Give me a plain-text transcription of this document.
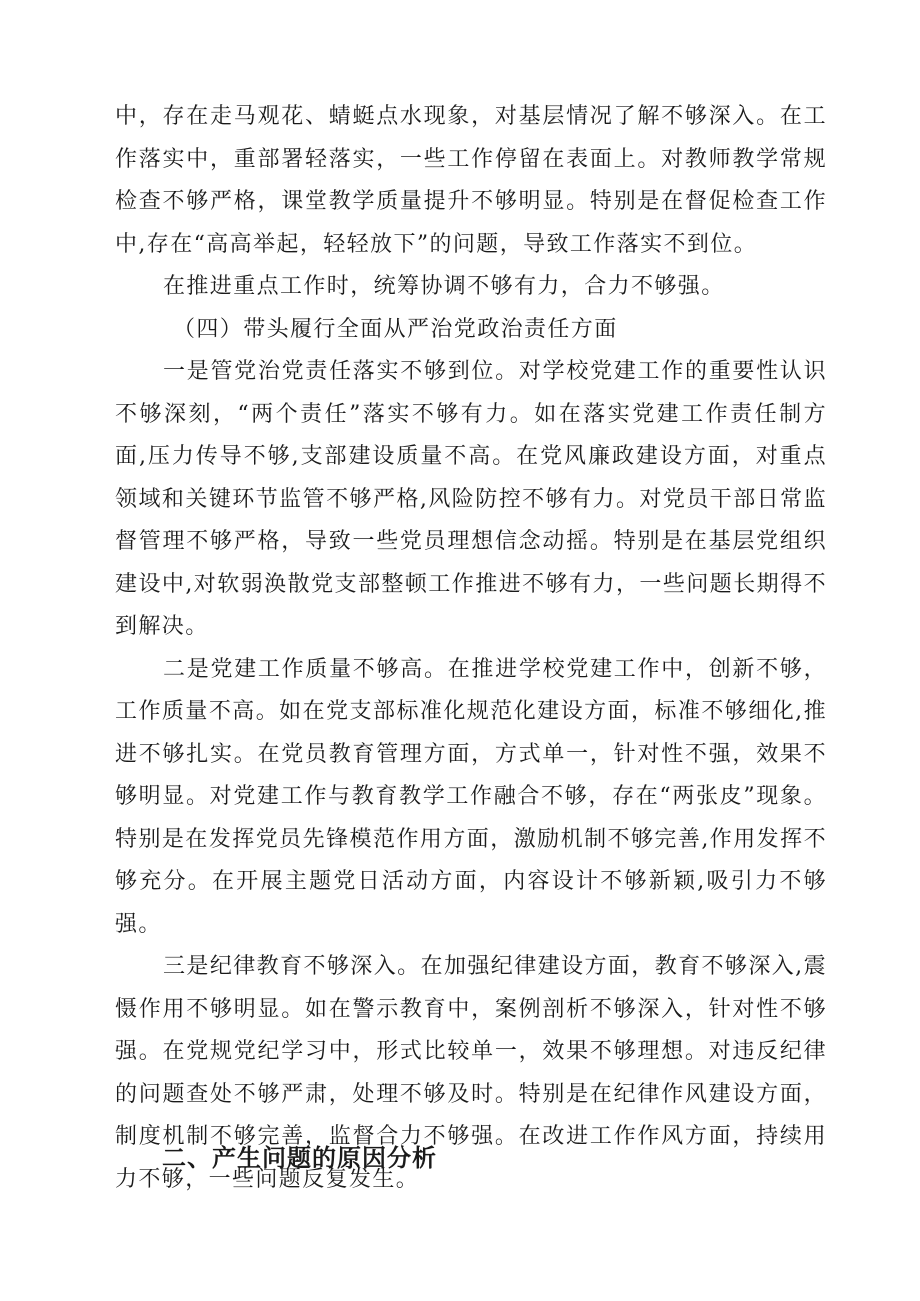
中，存在走马观花、蜻蜓点水现象，对基层情况了解不够深入。在工作落实中，重部署轻落实，一些工作停留在表面上。对教师教学常规检查不够严格，课堂教学质量提升不够明显。特别是在督促检查工作中,存在“高高举起，轻轻放下”的问题，导致工作落实不到位。

在推进重点工作时，统筹协调不够有力，合力不够强。

（四）带头履行全面从严治党政治责任方面

一是管党治党责任落实不够到位。对学校党建工作的重要性认识不够深刻，“两个责任”落实不够有力。如在落实党建工作责任制方面,压力传导不够,支部建设质量不高。在党风廉政建设方面，对重点领域和关键环节监管不够严格,风险防控不够有力。对党员干部日常监督管理不够严格，导致一些党员理想信念动摇。特别是在基层党组织建设中,对软弱涣散党支部整顿工作推进不够有力，一些问题长期得不到解决。

二是党建工作质量不够高。在推进学校党建工作中，创新不够，工作质量不高。如在党支部标准化规范化建设方面，标准不够细化,推进不够扎实。在党员教育管理方面，方式单一，针对性不强，效果不够明显。对党建工作与教育教学工作融合不够，存在“两张皮”现象。特别是在发挥党员先锋模范作用方面，激励机制不够完善,作用发挥不够充分。在开展主题党日活动方面，内容设计不够新颖,吸引力不够强。

三是纪律教育不够深入。在加强纪律建设方面，教育不够深入,震慑作用不够明显。如在警示教育中，案例剖析不够深入，针对性不够强。在党规党纪学习中，形式比较单一，效果不够理想。对违反纪律的问题查处不够严肃，处理不够及时。特别是在纪律作风建设方面，制度机制不够完善，监督合力不够强。在改进工作作风方面，持续用力不够，一些问题反复发生。

二、产生问题的原因分析
